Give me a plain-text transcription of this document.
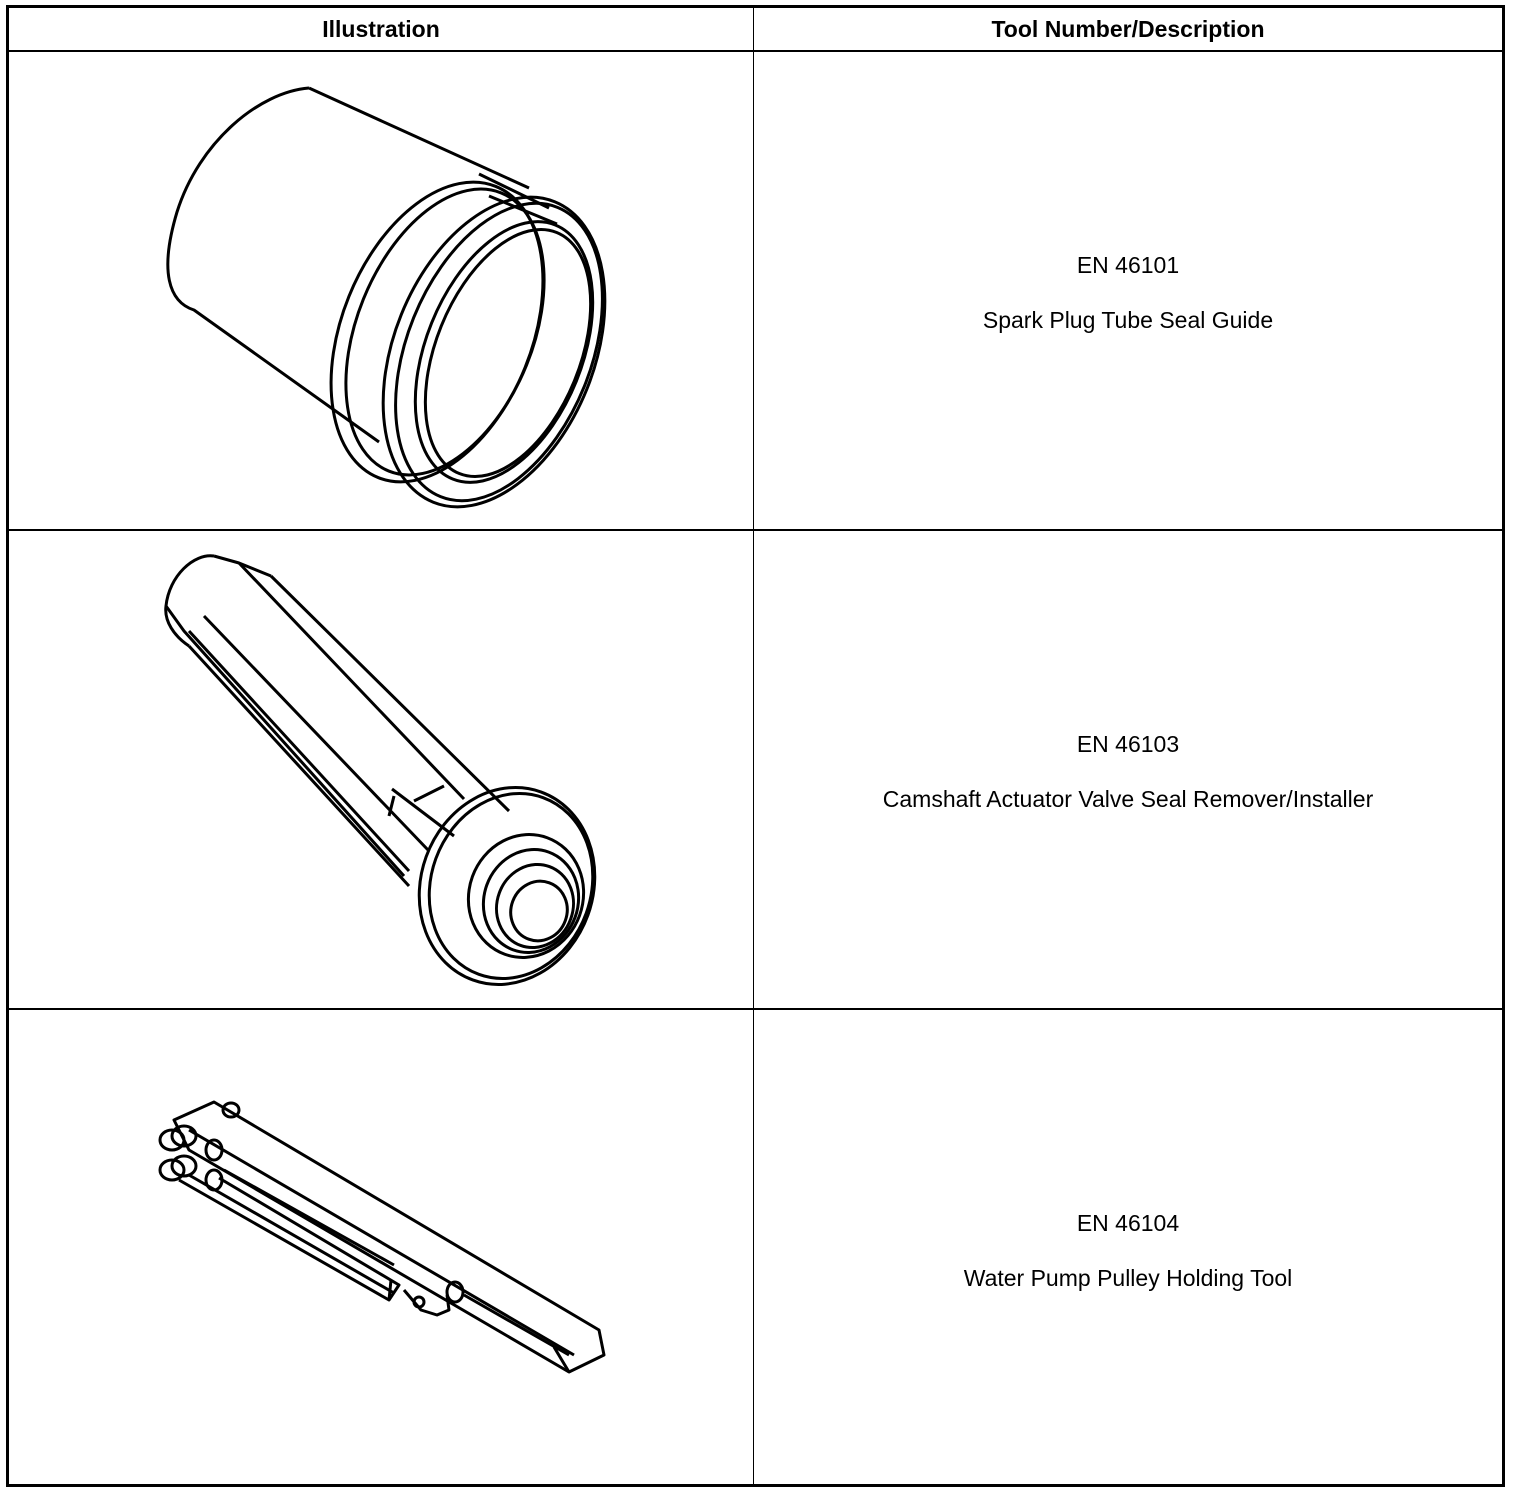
Illustration	Tool Number/Description
EN 46101
Spark Plug Tube Seal Guide
EN 46103
Camshaft Actuator Valve Seal Remover/Installer
EN 46104
Water Pump Pulley Holding Tool
